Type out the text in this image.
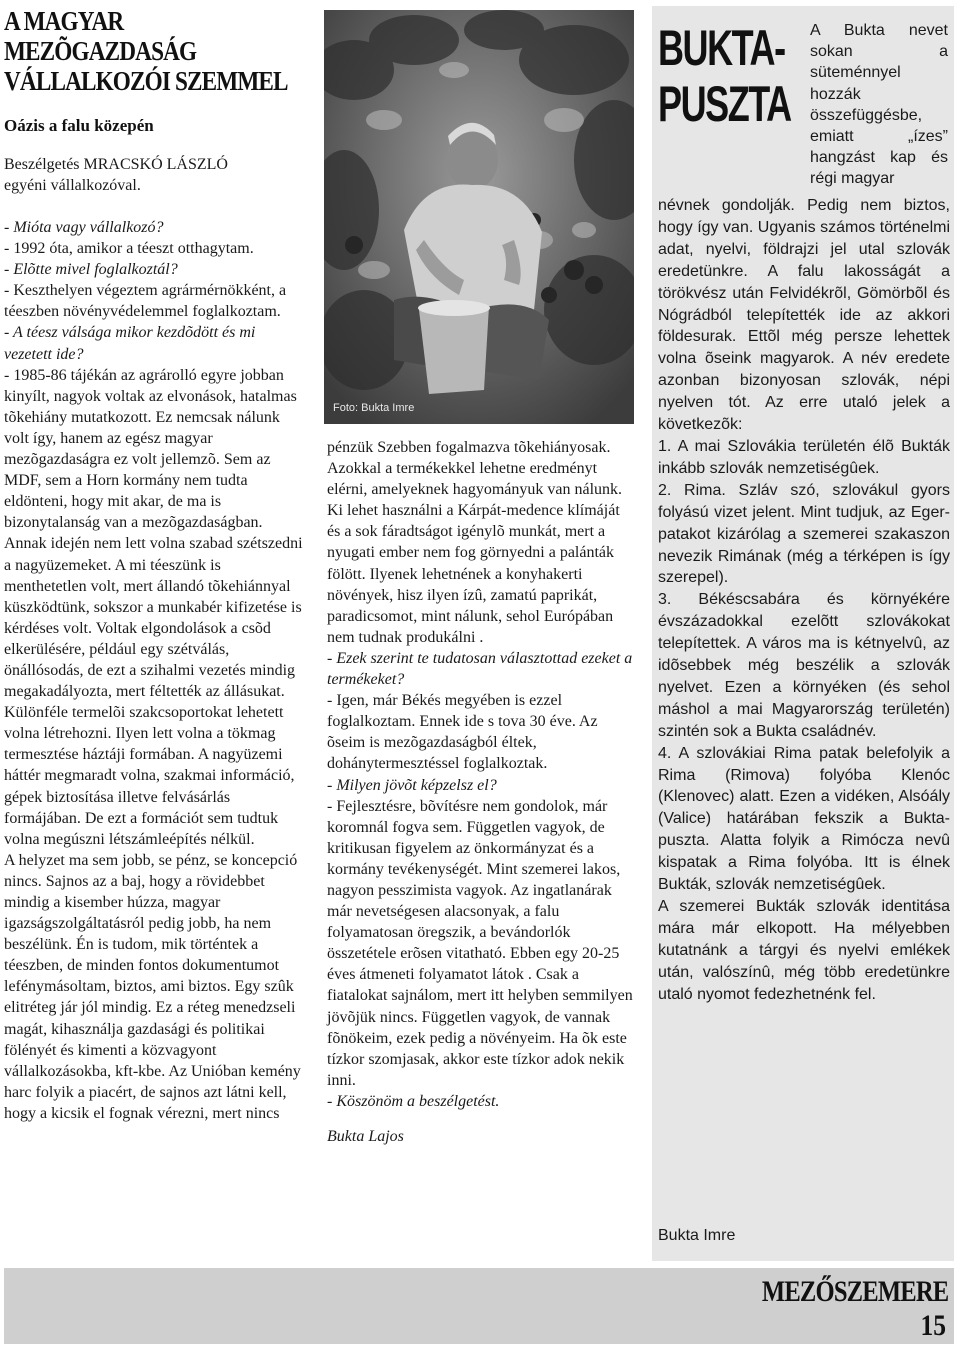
A MAGYAR MEZÕGAZDASÁG
VÁLLALKOZÓI SZEMMEL
Oázis a falu közepén
Beszélgetés MRACSKÓ LÁSZLÓ
egyéni vállalkozóval.

- Mióta vagy vállalkozó?

- 1992 óta, amikor a téeszt otthagytam.

- Elõtte mivel foglalkoztál?

- Keszthelyen végeztem agrármérnökként, a téeszben növényvédelemmel foglalkoztam.

- A téesz válsága mikor kezdõdött és mi vezetett ide?

- 1985-86 tájékán az agrárolló egyre jobban kinyílt, nagyok voltak az elvonások, hatalmas tõkehiány mutatkozott. Ez nemcsak nálunk volt így, hanem az egész magyar mezõgazdaságra ez volt jellemzõ. Sem az MDF, sem a Horn kormány nem tudta eldönteni, hogy mit akar, de ma is bizonytalanság van a mezõgazdaságban. Annak idején nem lett volna szabad szétszedni a nagyüzemeket. A mi téeszünk is menthetetlen volt, mert állandó tõkehiánnyal küszködtünk, sokszor a munkabér kifizetése is kérdéses volt. Voltak elgondolások a csõd elkerülésére, például egy szétválás, önállósodás, de ezt a szihalmi vezetés mindig megakadályozta, mert féltették az állásukat. Különféle termelõi szakcsoportokat lehetett volna létrehozni. Ilyen lett volna a tökmag termesztése háztáji formában. A nagyüzemi háttér megmaradt volna, szakmai információ, gépek biztosítása illetve felvásárlás formájában. De ezt a formációt sem tudtuk volna megúszni létszámleépítés nélkül.

A helyzet ma sem jobb, se pénz, se koncepció nincs. Sajnos az a baj, hogy a rövidebbet mindig a kisember húzza, magyar igazságszolgáltatásról pedig jobb, ha nem beszélünk. Én is tudom, mik történtek a téeszben, de minden fontos dokumentumot lefénymásoltam, biztos, ami biztos. Egy szûk elitréteg jár jól mindig. Ez a réteg menedzseli magát, kihasználja gazdasági és politikai fölényét és kimenti a közvagyont vállalkozásokba, kft-kbe. Az Unióban kemény harc folyik a piacért, de sajnos azt látni kell, hogy a kicsik el fognak vérezni, mert nincs

Foto: Bukta Imre

pénzük Szebben fogalmazva tõkehiányosak. Azokkal a termékekkel lehetne eredményt elérni, amelyeknek hagyományuk van nálunk. Ki lehet használni a Kárpát-medence klímáját és a sok fáradtságot igénylõ munkát, mert a nyugati ember nem fog görnyedni a palánták fölött. Ilyenek lehetnének a konyhakerti növények, hisz ilyen ízû, zamatú paprikát, paradicsomot, mint nálunk, sehol Európában nem tudnak produkálni .

- Ezek szerint te tudatosan választottad ezeket a termékeket?

- Igen, már Békés megyében is ezzel foglalkoztam. Ennek ide s tova 30 éve. Az õseim is mezõgazdaságból éltek, dohánytermesztéssel foglalkoztak.

- Milyen jövõt képzelsz el?

- Fejlesztésre, bõvítésre nem gondolok, már koromnál fogva sem. Független vagyok, de kritikusan figyelem az önkormányzat és a kormány tevékenységét. Mint szemerei lakos, nagyon pesszimista vagyok. Az ingatlanárak már nevetségesen alacsonyak, a falu folyamatosan öregszik, a bevándorlók összetétele erõsen vitatható. Ebben egy 20-25 éves átmeneti folyamatot látok . Csak a fiatalokat sajnálom, mert itt helyben semmilyen jövõjük nincs. Független vagyok, de vannak fõnökeim, ezek pedig a növényeim. Ha õk este tízkor szomjasak, akkor este tízkor adok nekik inni.

- Köszönöm a beszélgetést.

Bukta Lajos

BUKTA-
PUSZTA
A Bukta nevet sokan a süteménnyel hozzák összefüggésbe, emiatt „ízes” hangzást kap és régi magyar

névnek gondolják. Pedig nem biztos, hogy így van. Ugyanis számos történelmi adat, nyelvi, földrajzi jel utal szlovák eredetünkre. A falu lakosságát a törökvész után Felvidékrõl, Gömörbõl és Nógrádból telepítették ide az akkori földesurak. Ettõl még persze lehettek volna õseink magyarok. A név eredete azonban bizonyosan szlovák, népi nyelven tót. Az erre utaló jelek a következõk:

1. A mai Szlovákia területén élõ Bukták inkább szlovák nemzetiségûek.

2. Rima. Szláv szó, szlovákul gyors folyású vizet jelent. Mint tudjuk, az Eger-patakot kizárólag a szemerei szakaszon nevezik Rimának (még a térképen is így szerepel).

3. Békéscsabára és környékére évszázadokkal ezelõtt szlovákokat telepítettek. A város ma is kétnyelvû, az idõsebbek még beszélik a szlovák nyelvet. Ezen a környéken (és sehol máshol a mai Magyarország területén) szintén sok a Bukta családnév.

4. A szlovákiai Rima patak belefolyik a Rima (Rimova) folyóba Klenóc (Klenovec) alatt. Ezen a vidéken, Alsóály (Valice) határában fekszik a Bukta-puszta. Alatta folyik a Rimócza nevû kispatak a Rima folyóba. Itt is élnek Bukták, szlovák nemzetiségûek.

A szemerei Bukták szlovák identitása mára már elkopott. Ha mélyebben kutatnánk a tárgyi és nyelvi emlékek után, valószínû, még több eredetünkre utaló nyomot fedezhetnénk fel.

Bukta Imre
MEZŐSZEMERE
15
